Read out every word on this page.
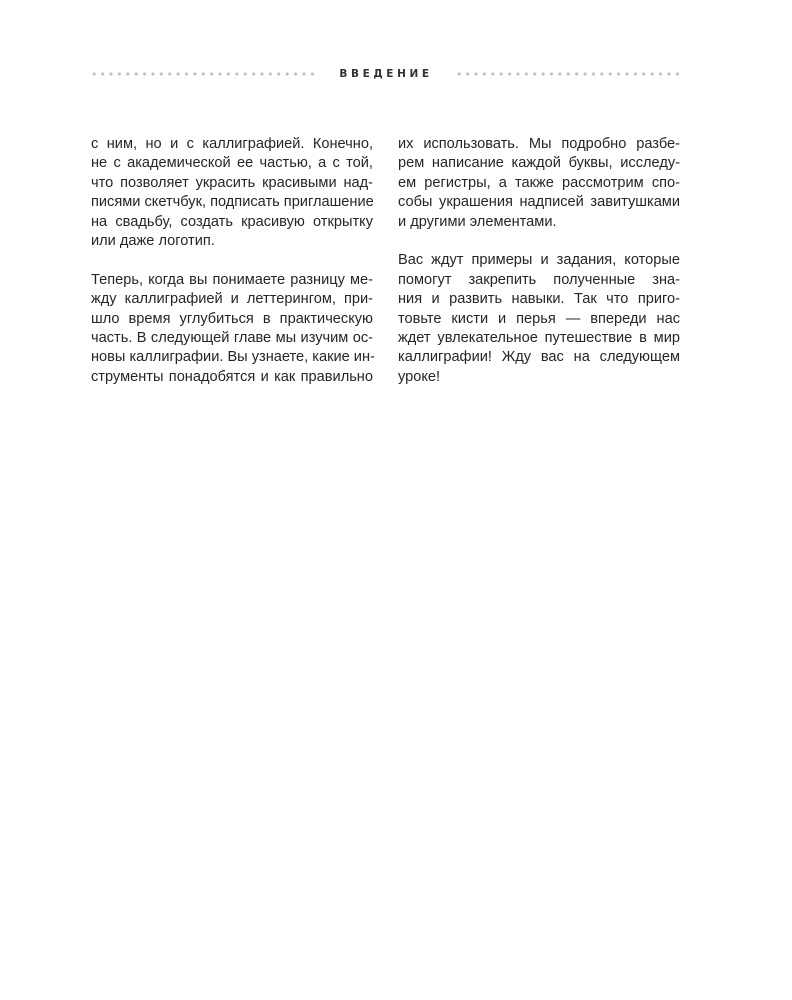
ВВЕДЕНИЕ
с ним, но и с каллиграфией. Конечно,
не с академической ее частью, а с той,
что позволяет украсить красивыми над-
писями скетчбук, подписать приглашение
на свадьбу, создать красивую открытку
или даже логотип.
Теперь, когда вы понимаете разницу ме-
жду каллиграфией и леттерингом, при-
шло время углубиться в практическую
часть. В следующей главе мы изучим ос-
новы каллиграфии. Вы узнаете, какие ин-
струменты понадобятся и как правильно
их использовать. Мы подробно разбе-
рем написание каждой буквы, исследу-
ем регистры, а также рассмотрим спо-
собы украшения надписей завитушками
и другими элементами.
Вас ждут примеры и задания, которые
помогут закрепить полученные зна-
ния и развить навыки. Так что приго-
товьте кисти и перья — впереди нас
ждет увлекательное путешествие в мир
каллиграфии! Жду вас на следующем
уроке!
